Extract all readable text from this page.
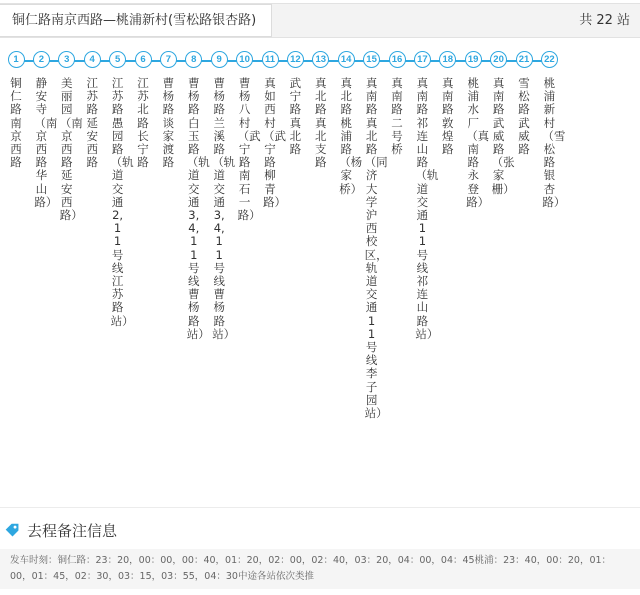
铜仁路南京西路—桃浦新村(雪松路银杏路)	共 22 站
1
铜仁路南京西路
2
静安寺（南京西路华山路）
3
美丽园（南京西路延安西路）
4
江苏路延安西路
5
江苏路愚园路（轨道交通2,11号线江苏路站）
6
江苏北路长宁路
7
曹杨路谈家渡路
8
曹杨路白玉路（轨道交通3,4,11号线曹杨路站）
9
曹杨路兰溪路（轨道交通3,4,11号线曹杨路站）
10
曹杨八村（武宁路南石一路）
11
真如西村（武宁路柳青路）
12
武宁路真北路
13
真北路真北支路
14
真北路桃浦路（杨家桥）
15
真南路真北路（同济大学沪西校区，轨道交通11号线李子园站）
16
真南路二号桥
17
真南路祁连山路（轨道交通11号线祁连山路站）
18
真南路敦煌路
19
桃浦水厂（真南路永登路）
20
真南路武威路（张家栅）
21
雪松路武威路
22
桃浦新村（雪松路银杏路）
去程备注信息
发车时刻：铜仁路：23：20，00：00，00：40，01：20，02：00，02：40，03：20，04：00，04：45桃浦：23：40，00：20，01：00，01：45，02：30，03：15，03：55，04：30中途各站依次类推
